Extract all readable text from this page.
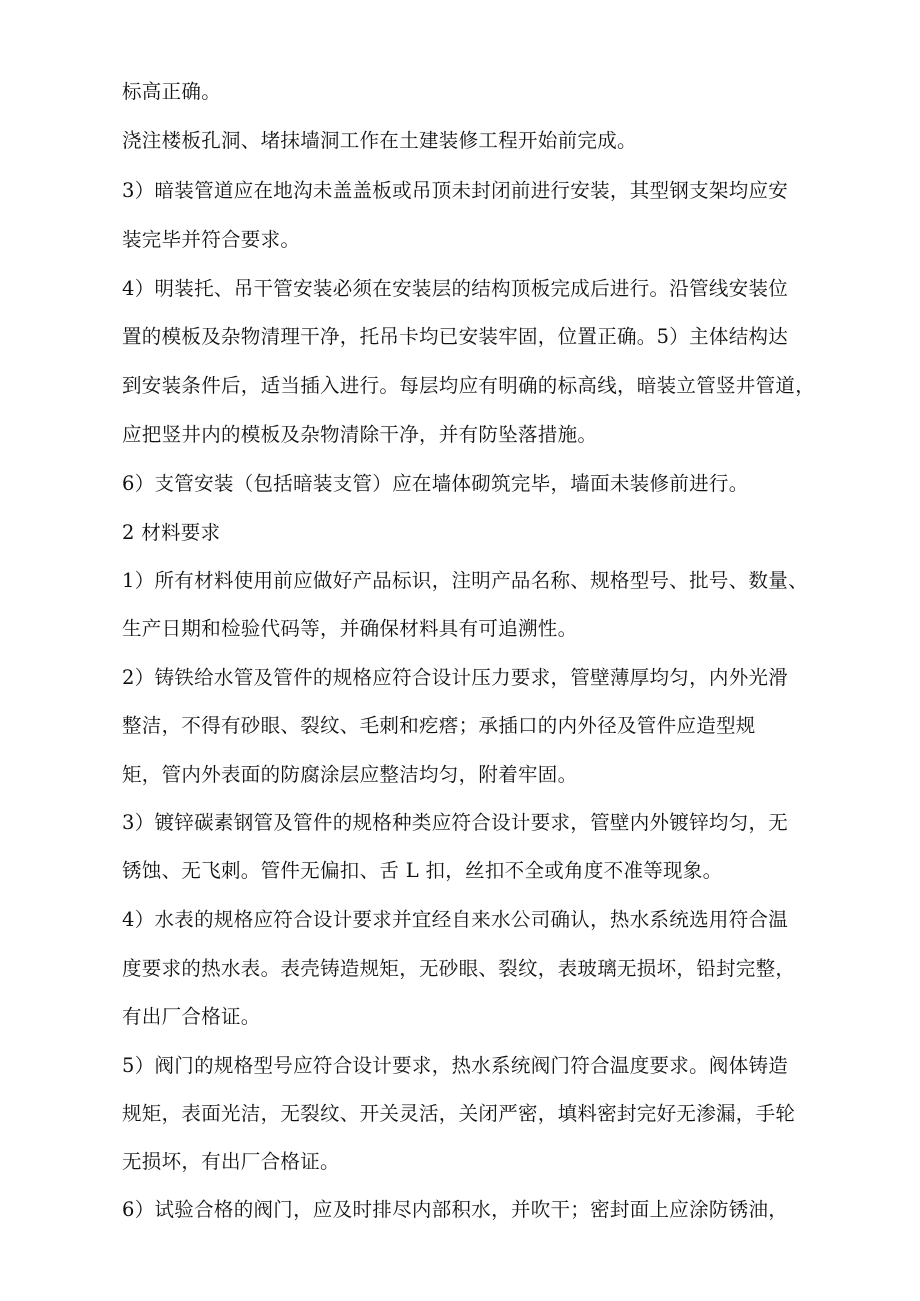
标高正确。
浇注楼板孔洞、堵抹墙洞工作在土建装修工程开始前完成。
3）暗装管道应在地沟未盖盖板或吊顶未封闭前进行安装，其型钢支架均应安
装完毕并符合要求。
4）明装托、吊干管安装必须在安装层的结构顶板完成后进行。沿管线安装位
置的模板及杂物清理干净，托吊卡均已安装牢固，位置正确。5）主体结构达
到安装条件后，适当插入进行。每层均应有明确的标高线，暗装立管竖井管道，
应把竖井内的模板及杂物清除干净，并有防坠落措施。
6）支管安装（包括暗装支管）应在墙体砌筑完毕，墙面未装修前进行。
2 材料要求
1）所有材料使用前应做好产品标识，注明产品名称、规格型号、批号、数量、
生产日期和检验代码等，并确保材料具有可追溯性。
2）铸铁给水管及管件的规格应符合设计压力要求，管壁薄厚均匀，内外光滑
整洁，不得有砂眼、裂纹、毛刺和疙瘩；承插口的内外径及管件应造型规
矩，管内外表面的防腐涂层应整洁均匀，附着牢固。
3）镀锌碳素钢管及管件的规格种类应符合设计要求，管壁内外镀锌均匀，无
锈蚀、无飞刺。管件无偏扣、舌 L 扣，丝扣不全或角度不准等现象。
4）水表的规格应符合设计要求并宜经自来水公司确认，热水系统选用符合温
度要求的热水表。表壳铸造规矩，无砂眼、裂纹，表玻璃无损坏，铅封完整，
有出厂合格证。
5）阀门的规格型号应符合设计要求，热水系统阀门符合温度要求。阀体铸造
规矩，表面光洁，无裂纹、开关灵活，关闭严密，填料密封完好无渗漏，手轮
无损坏，有出厂合格证。
6）试验合格的阀门，应及时排尽内部积水，并吹干；密封面上应涂防锈油，
